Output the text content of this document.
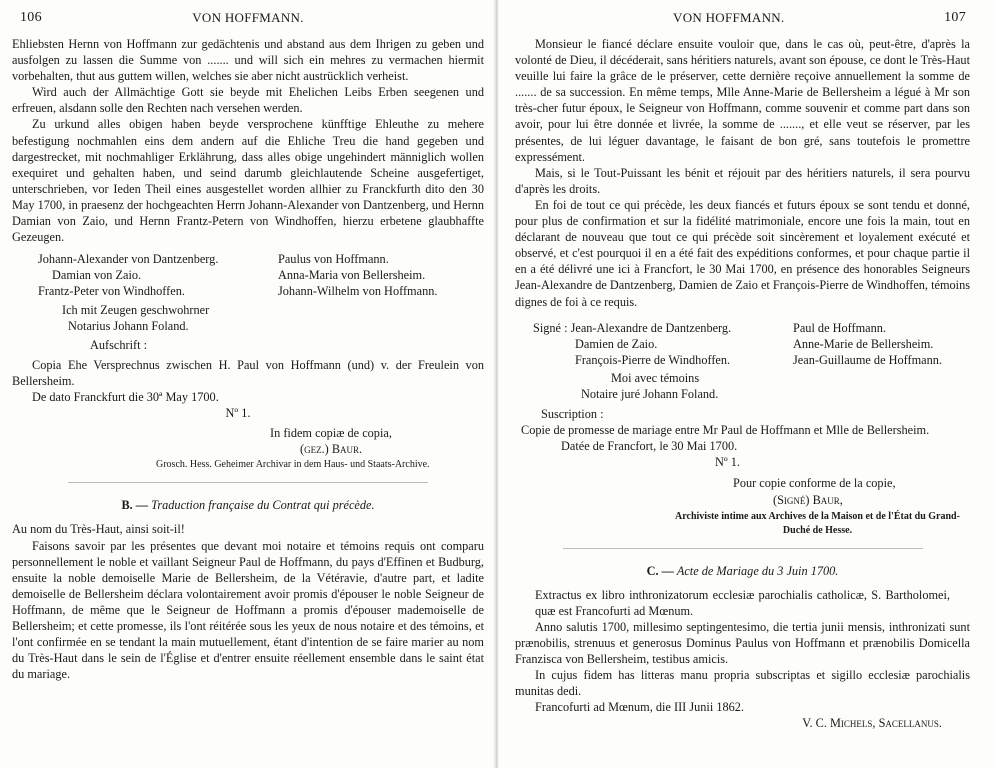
106	VON HOFFMANN.

Ehliebsten Hernn von Hoffmann zur gedächtenis und abstand aus dem Ihrigen zu geben und ausfolgen zu lassen die Summe von ....... und will sich ein mehres zu vermachen hiermit vorbehalten, thut aus guttem willen, welches sie aber nicht austrücklich verheist.

Wird auch der Allmächtige Gott sie beyde mit Ehelichen Leibs Erben seegenen und erfreuen, alsdann solle den Rechten nach versehen werden.

Zu urkund alles obigen haben beyde versprochene künfftige Ehleuthe zu mehere befestigung nochmahlen eins dem andern auf die Ehliche Treu die hand gegeben und dargestrecket, mit nochmahliger Erklährung, dass alles obige ungehindert männiglich wollen exequiret und gehalten haben, und seind darumb gleichlautende Scheine ausgefertiget, unterschrieben, vor Ieden Theil eines ausgestellet worden allhier zu Franckfurth dito den 30 May 1700, in praesenz der hochgeachten Herrn Johann-Alexander von Dantzenberg, und Hernn Damian von Zaio, und Hernn Frantz-Petern von Windhoffen, hierzu erbetene glaubhaffte Gezeugen.

Johann-Alexander von Dantzenberg.	Paulus von Hoffmann.
Damian von Zaio.	Anna-Maria von Bellersheim.
Frantz-Peter von Windhoffen.	Johann-Wilhelm von Hoffmann.
Ich mit Zeugen geschwohrner
Notarius Johann Foland.
Aufschrift :

Copia Ehe Versprechnus zwischen H. Paul von Hoffmann (und) v. der Freulein von Bellersheim.

De dato Franckfurt die 30ª May 1700.

Nº 1.
In fidem copiæ de copia,
(gez.) Baur.
Grosch. Hess. Geheimer Archivar in dem Haus- und Staats-Archive.
B. — Traduction française du Contrat qui précède.

Au nom du Très-Haut, ainsi soit-il!

Faisons savoir par les présentes que devant moi notaire et témoins requis ont comparu personnellement le noble et vaillant Seigneur Paul de Hoffmann, du pays d'Effinen et Budburg, ensuite la noble demoiselle Marie de Bellersheim, de la Vétéravie, d'autre part, et ladite demoiselle de Bellersheim déclara volontairement avoir promis d'épouser le noble Seigneur de Hoffmann, de même que le Seigneur de Hoffmann a promis d'épouser mademoiselle de Bellersheim; et cette promesse, ils l'ont réitérée sous les yeux de nous notaire et des témoins, et l'ont confirmée en se tendant la main mutuellement, étant d'intention de se faire marier au nom du Très-Haut dans le sein de l'Église et d'entrer ensuite réellement ensemble dans le saint état du mariage.

VON HOFFMANN.	107

Monsieur le fiancé déclare ensuite vouloir que, dans le cas où, peut-être, d'après la volonté de Dieu, il décéderait, sans héritiers naturels, avant son épouse, ce dont le Très-Haut veuille lui faire la grâce de le préserver, cette dernière reçoive annuellement la somme de ....... de sa succession. En même temps, Mlle Anne-Marie de Bellersheim a légué à Mr son très-cher futur époux, le Seigneur von Hoffmann, comme souvenir et comme part dans son avoir, pour lui être donnée et livrée, la somme de ......., et elle veut se réserver, par les présentes, de lui léguer davantage, le faisant de bon gré, sans toutefois le promettre expressément.

Mais, si le Tout-Puissant les bénit et réjouit par des héritiers naturels, il sera pourvu d'après les droits.

En foi de tout ce qui précède, les deux fiancés et futurs époux se sont tendu et donné, pour plus de confirmation et sur la fidélité matrimoniale, encore une fois la main, tout en déclarant de nouveau que tout ce qui précède soit sincèrement et loyalement exécuté et observé, et c'est pourquoi il en a été fait des expéditions conformes, et pour chaque partie il en a été délivré une ici à Francfort, le 30 Mai 1700, en présence des honorables Seigneurs Jean-Alexandre de Dantzenberg, Damien de Zaio et François-Pierre de Windhoffen, témoins dignes de foi à ce requis.

Signé : Jean-Alexandre de Dantzenberg.	Paul de Hoffmann.
Damien de Zaio.	Anne-Marie de Bellersheim.
François-Pierre de Windhoffen.	Jean-Guillaume de Hoffmann.
Moi avec témoins
Notaire juré Johann Foland.
Suscription :

Copie de promesse de mariage entre Mr Paul de Hoffmann et Mlle de Bellersheim.

Datée de Francfort, le 30 Mai 1700.
Nº 1.
Pour copie conforme de la copie,
(Signé) Baur,
Archiviste intime aux Archives de la Maison et de l'État du Grand-Duché de Hesse.
C. — Acte de Mariage du 3 Juin 1700.

Extractus ex libro inthronizatorum ecclesiæ parochialis catholicæ, S. Bartholomei, quæ est Francofurti ad Mœnum.

Anno salutis 1700, millesimo septingentesimo, die tertia junii mensis, inthronizati sunt prænobilis, strenuus et generosus Dominus Paulus von Hoffmann et prænobilis Domicella Franzisca von Bellersheim, testibus amicis.

In cujus fidem has litteras manu propria subscriptas et sigillo ecclesiæ parochialis munitas dedi.

Francofurti ad Mœnum, die III Junii 1862.

V. C. Michels, Sacellanus.
